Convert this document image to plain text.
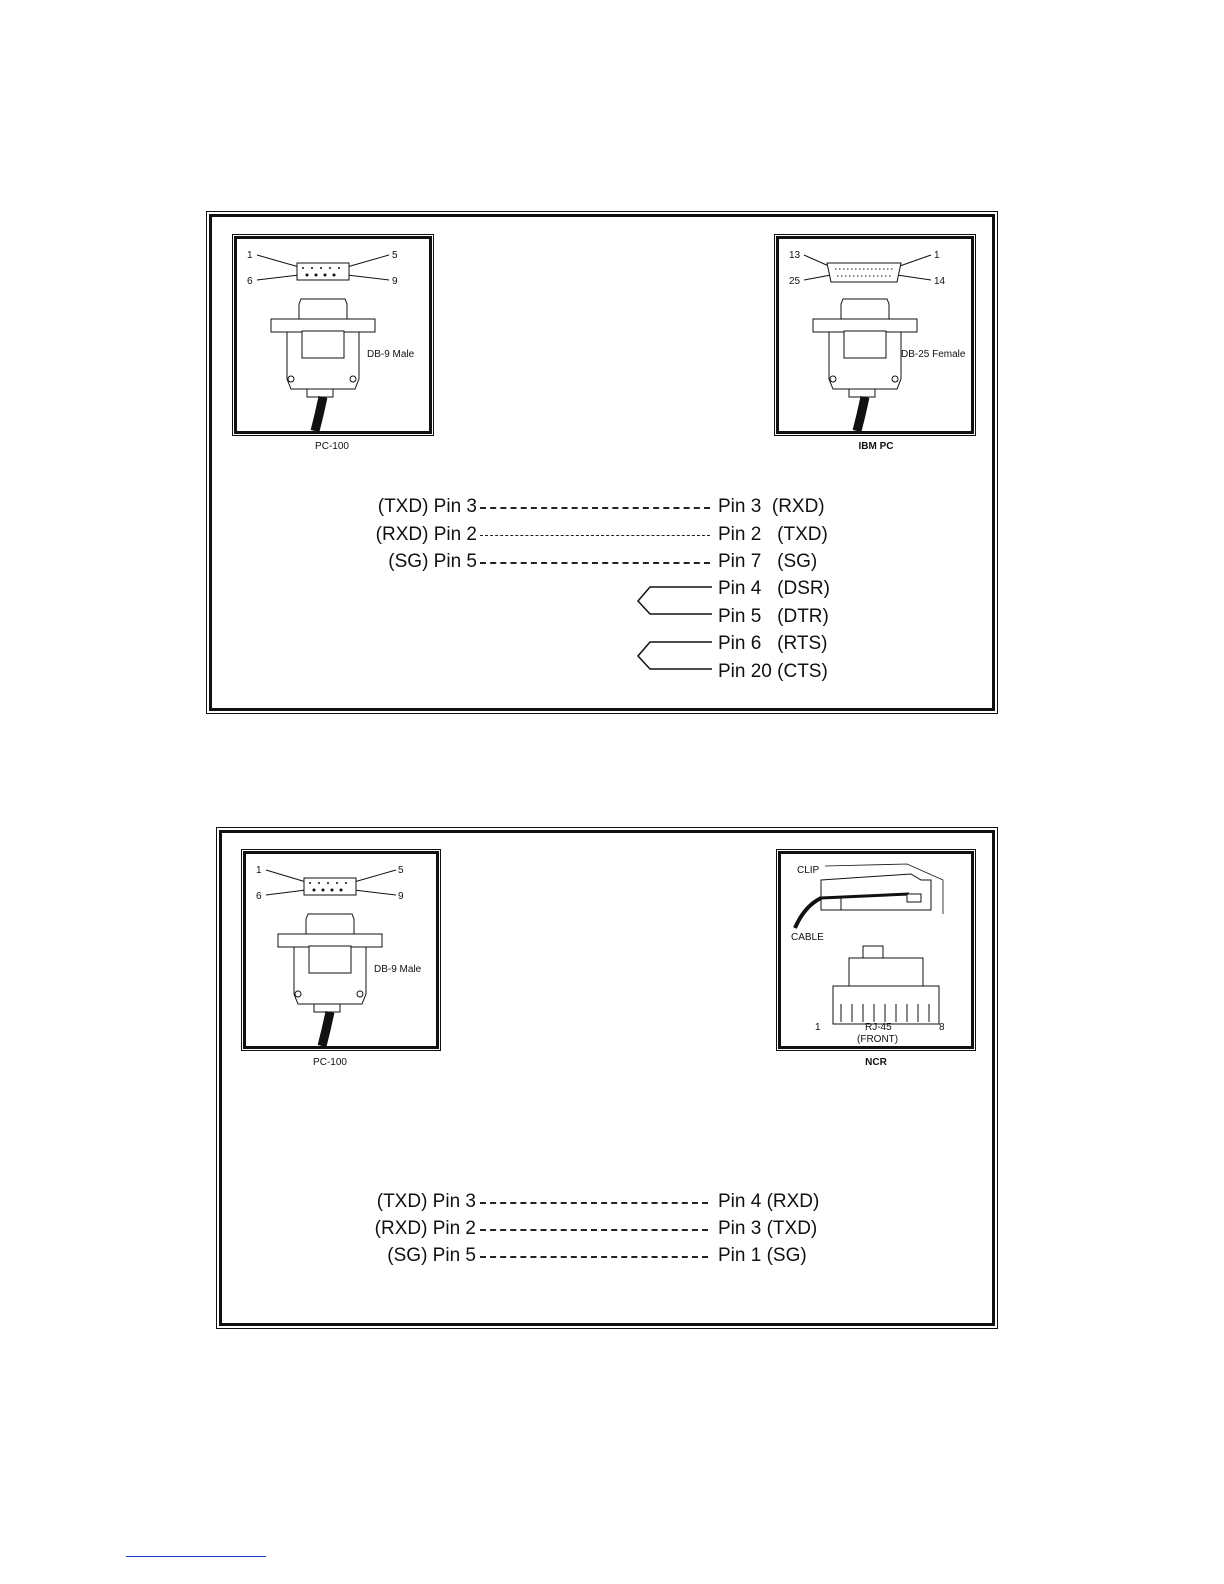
1	5
6	9
DB-9 Male
PC-100
13	1
25	14
DB-25 Female
IBM PC
(TXD) Pin 3	Pin 3  (RXD)
(RXD) Pin 2	Pin 2   (TXD)
(SG) Pin 5	Pin 7   (SG)
Pin 4   (DSR)
Pin 5   (DTR)
Pin 6   (RTS)
Pin 20 (CTS)
1	5
6	9
DB-9 Male
PC-100
CLIP
CABLE
1	8
RJ-45
(FRONT)
NCR
(TXD) Pin 3	Pin 4 (RXD)
(RXD) Pin 2	Pin 3 (TXD)
(SG) Pin 5	Pin 1 (SG)
